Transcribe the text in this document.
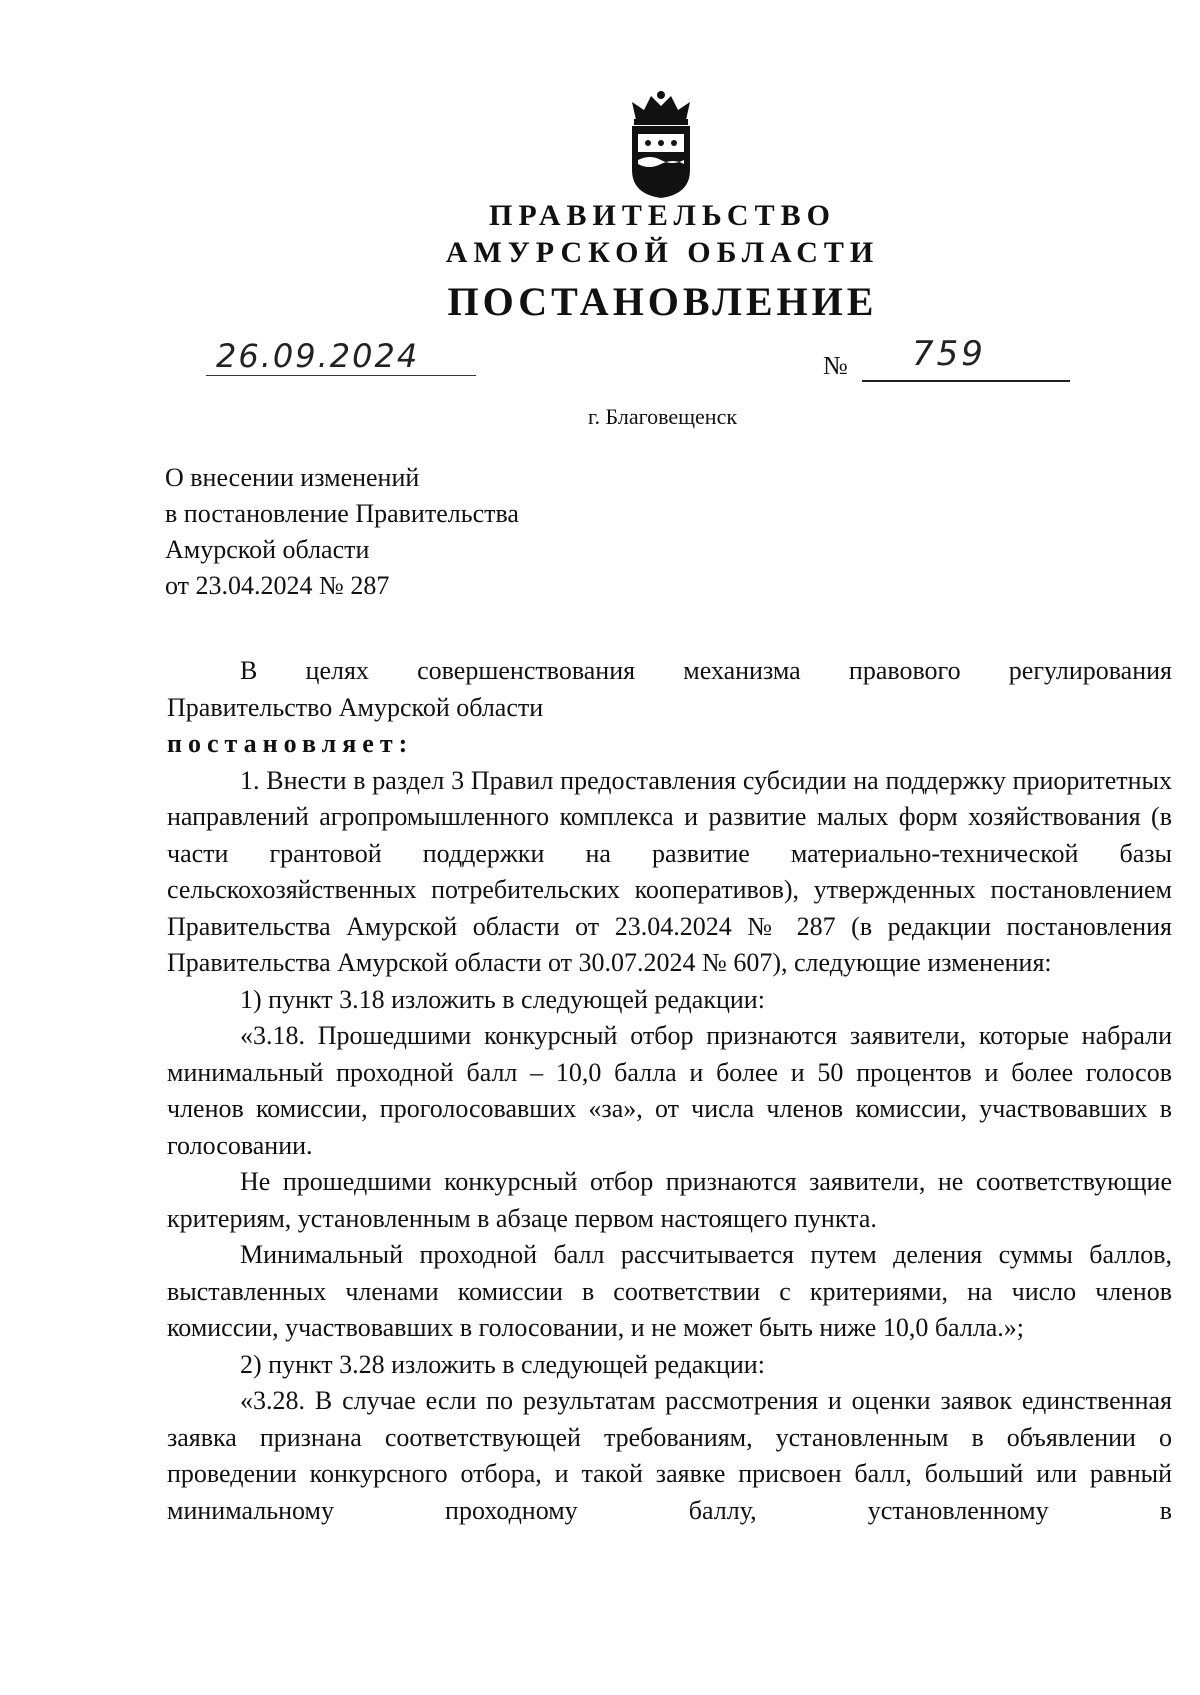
ПРАВИТЕЛЬСТВО
АМУРСКОЙ ОБЛАСТИ
ПОСТАНОВЛЕНИЕ
26.09.2024	№ 759
г. Благовещенск
О внесении изменений
в постановление Правительства
Амурской области
от 23.04.2024 № 287
В целях совершенствования механизма правового регулирования

Правительство Амурской области

постановляет:

1. Внести в раздел 3 Правил предоставления субсидии на поддержку приоритетных направлений агропромышленного комплекса и развитие малых форм хозяйствования (в части грантовой поддержки на развитие материально-технической базы сельскохозяйственных потребительских кооперативов), утвержденных постановлением Правительства Амурской области от 23.04.2024 № 287 (в редакции постановления Правительства Амурской области от 30.07.2024 № 607), следующие изменения:

1) пункт 3.18 изложить в следующей редакции:

«3.18. Прошедшими конкурсный отбор признаются заявители, которые набрали минимальный проходной балл – 10,0 балла и более и 50 процентов и более голосов членов комиссии, проголосовавших «за», от числа членов комиссии, участвовавших в голосовании.

Не прошедшими конкурсный отбор признаются заявители, не соответствующие критериям, установленным в абзаце первом настоящего пункта.

Минимальный проходной балл рассчитывается путем деления суммы баллов, выставленных членами комиссии в соответствии с критериями, на число членов комиссии, участвовавших в голосовании, и не может быть ниже 10,0 балла.»;

2) пункт 3.28 изложить в следующей редакции:

«3.28. В случае если по результатам рассмотрения и оценки заявок единственная заявка признана соответствующей требованиям, установленным в объявлении о проведении конкурсного отбора, и такой заявке присвоен балл, больший или равный минимальному проходному баллу, установленному в
